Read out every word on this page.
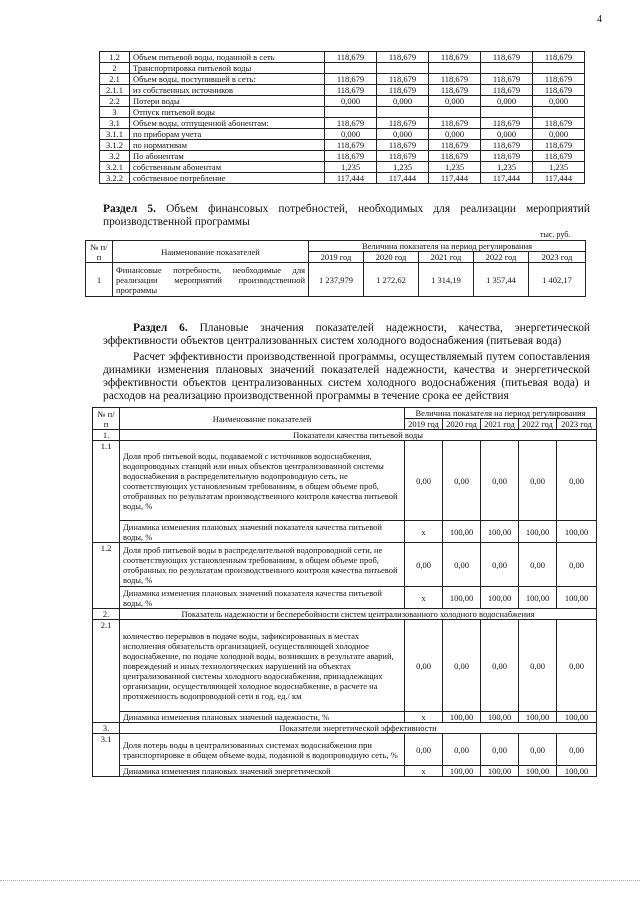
4
1.2	Объем питьевой воды, поданной в сеть	118,679	118,679	118,679	118,679	118,679
2	Транспортировка питьевой воды					
2.1	Объем воды, поступившей в сеть:	118,679	118,679	118,679	118,679	118,679
2.1.1	из собственных источников	118,679	118,679	118,679	118,679	118,679
2.2	Потери воды	0,000	0,000	0,000	0,000	0,000
3	Отпуск питьевой воды					
3.1	Объем воды, отпущенной абонентам:	118,679	118,679	118,679	118,679	118,679
3.1.1	по приборам учета	0,000	0,000	0,000	0,000	0,000
3.1.2	по нормативам	118,679	118,679	118,679	118,679	118,679
3.2	По абонентам	118,679	118,679	118,679	118,679	118,679
3.2.1	собственным абонентам	1,235	1,235	1,235	1,235	1,235
3.2.2	собственное потребление	117,444	117,444	117,444	117,444	117,444
Раздел 5. Объем финансовых потребностей, необходимых для реализации мероприятий производственной программы
тыс. руб.
№ п/п	Наименование показателей	Величина показателя на период регулирования				
		2019 год	2020 год	2021 год	2022 год	2023 год
1	Финансовые потребности, необходимые для реализации мероприятий производственной программы	1 237,979	1 272,62	1 314,19	1 357,44	1 402,17

Раздел 6. Плановые значения показателей надежности, качества, энергетической эффективности объектов централизованных систем холодного водоснабжения (питьевая вода)

Расчет эффективности производственной программы, осуществляемый путем сопоставления динамики изменения плановых значений показателей надежности, качества и энергетической эффективности объектов централизованных систем холодного водоснабжения (питьевая вода) и расходов на реализацию производственной программы в течение срока ее действия

№ п/п	Наименование показателей	Величина показателя на период регулирования				
		2019 год	2020 год	2021 год	2022 год	2023 год
1.	Показатели качества питьевой воды					
1.1	Доля проб питьевой воды, подаваемой с источников водоснабжения, водопроводных станций или иных объектов централизованной системы водоснабжения в распределительную водопроводную сеть, не соответствующих установленным требованиям, в общем объеме проб, отобранных по результатам производственного контроля качества питьевой воды, %	0,00	0,00	0,00	0,00	0,00
	Динамика изменения плановых значений показателя качества питьевой воды, %	х	100,00	100,00	100,00	100,00
1.2	Доля проб питьевой воды в распределительной водопроводной сети, не соответствующих установленным требованиям, в общем объеме проб, отобранных по результатам производственного контроля качества питьевой воды, %	0,00	0,00	0,00	0,00	0,00
	Динамика изменения плановых значений показателя качества питьевой воды, %	х	100,00	100,00	100,00	100,00
2.	Показатель надежности и бесперебойности систем централизованного холодного водоснабжения					
2.1	количество перерывов в подаче воды, зафиксированных в местах исполнения обязательств организацией, осуществляющей холодное водоснабжение, по подаче холодной воды, возникших в результате аварий, повреждений и иных технологических нарушений на объектах централизованной системы холодного водоснабжения, принадлежащих организации, осуществляющей холодное водоснабжение, в расчете на протяженность водопроводной сети в год, ед./ км	0,00	0,00	0,00	0,00	0,00
	Динамика изменения плановых значений надежности, %	х	100,00	100,00	100,00	100,00
3.	Показатели энергетической эффективности					
3.1	Доля потерь воды в централизованных системах водоснабжения при транспортировке в общем объеме воды, поданной в водопроводную сеть, %	0,00	0,00	0,00	0,00	0,00
	Динамика изменения плановых значений энергетической	х	100,00	100,00	100,00	100,00
